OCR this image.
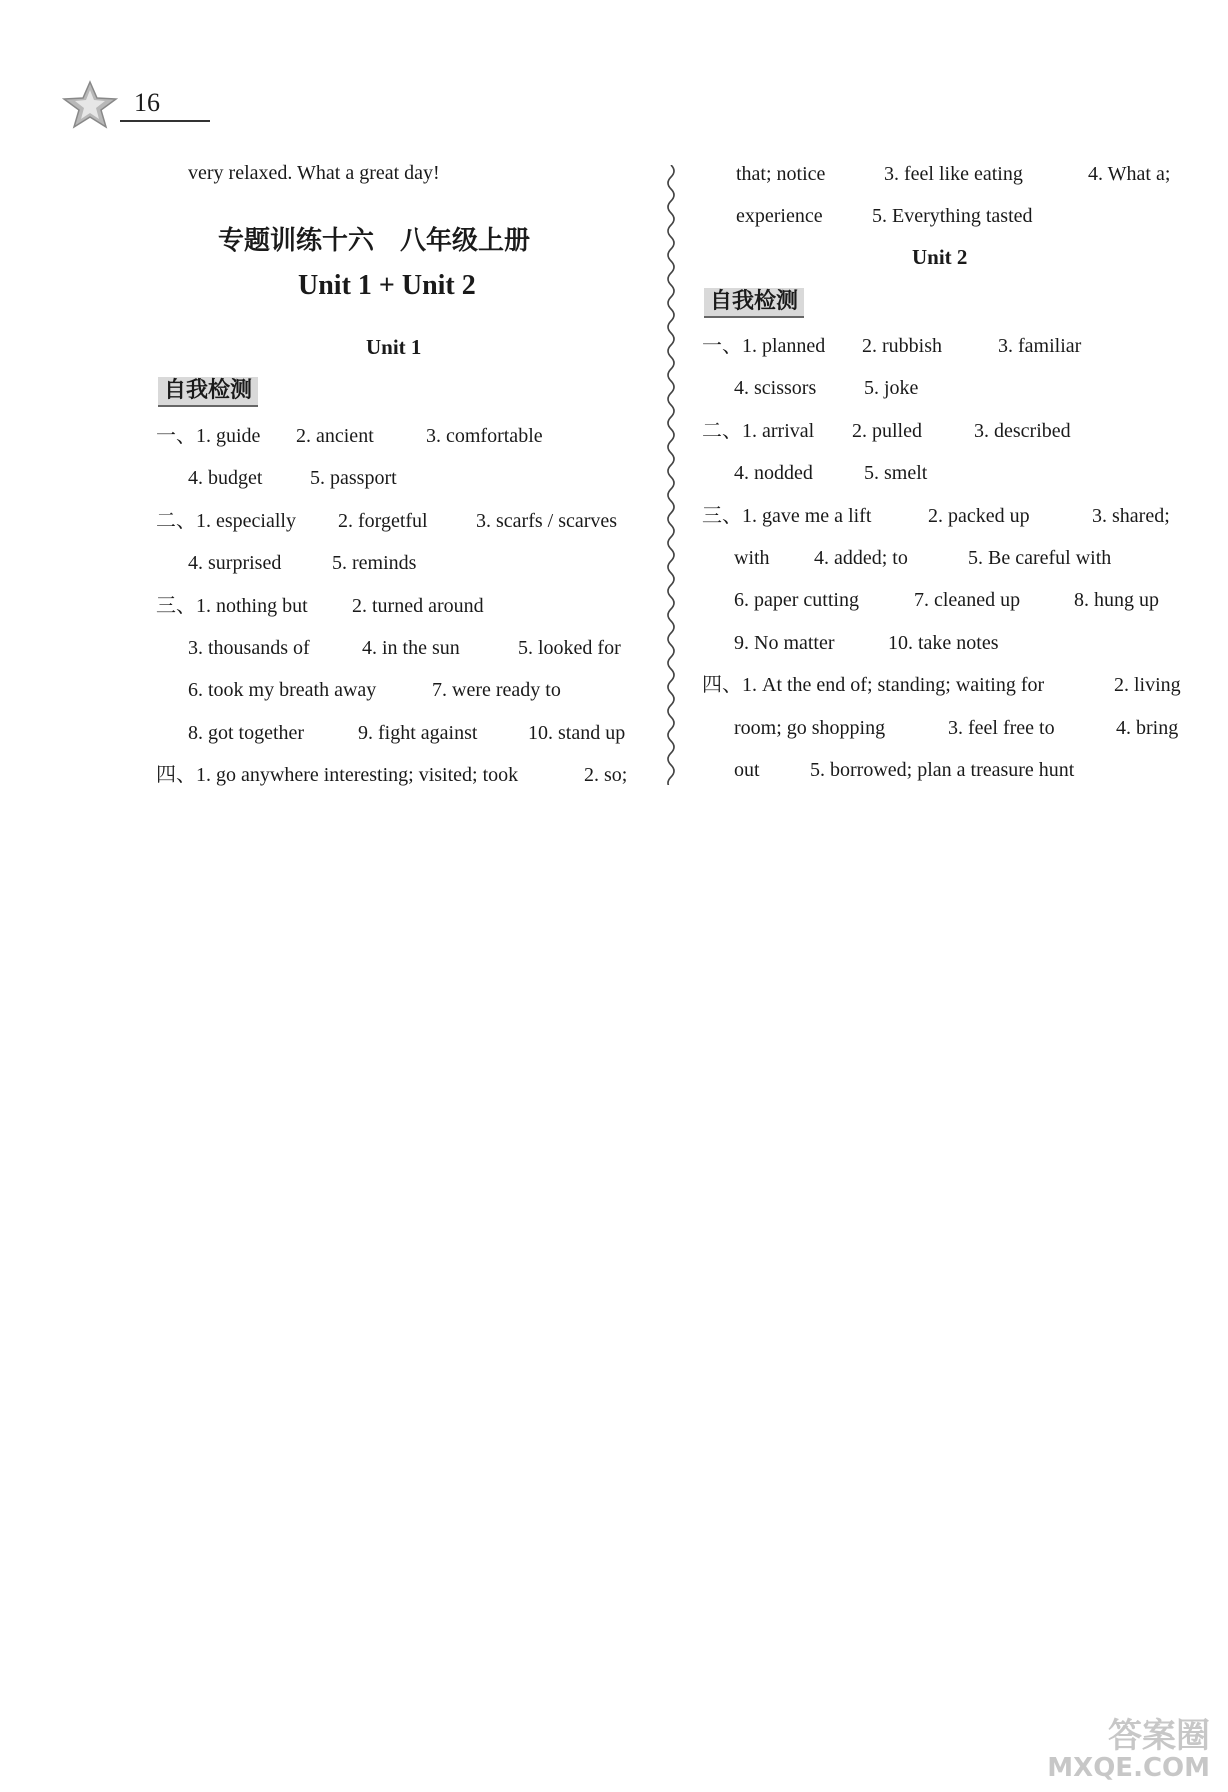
16
very relaxed. What a great day!
专题训练十六　八年级上册
Unit 1 + Unit 2
Unit 1
自我检测
一、1. guide 2. ancient	3. comfortable
4. budget 5. passport
二、1. especially 2. forgetful 3. scarfs / scarves
4. surprised	5. reminds
三、1. nothing but 2. turned around
3. thousands of	4. in the sun	5. looked for
6. took my breath away	7. were ready to
8. got together	9. fight against	10. stand up
四、1. go anywhere interesting; visited; took	2. so;
that; notice	3. feel like eating	4. What a;
experience 5. Everything tasted
Unit 2
自我检测
一、1. planned 2. rubbish	3. familiar
4. scissors 5. joke
二、1. arrival 2. pulled	3. described
4. nodded	5. smelt
三、1. gave me a lift	2. packed up	3. shared;
with 4. added; to	5. Be careful with
6. paper cutting	7. cleaned up	8. hung up
9. No matter	10. take notes
四、1. At the end of; standing; waiting for	2. living
room; go shopping	3. feel free to	4. bring
out	5. borrowed; plan a treasure hunt
答案圈
MXQE.COM
